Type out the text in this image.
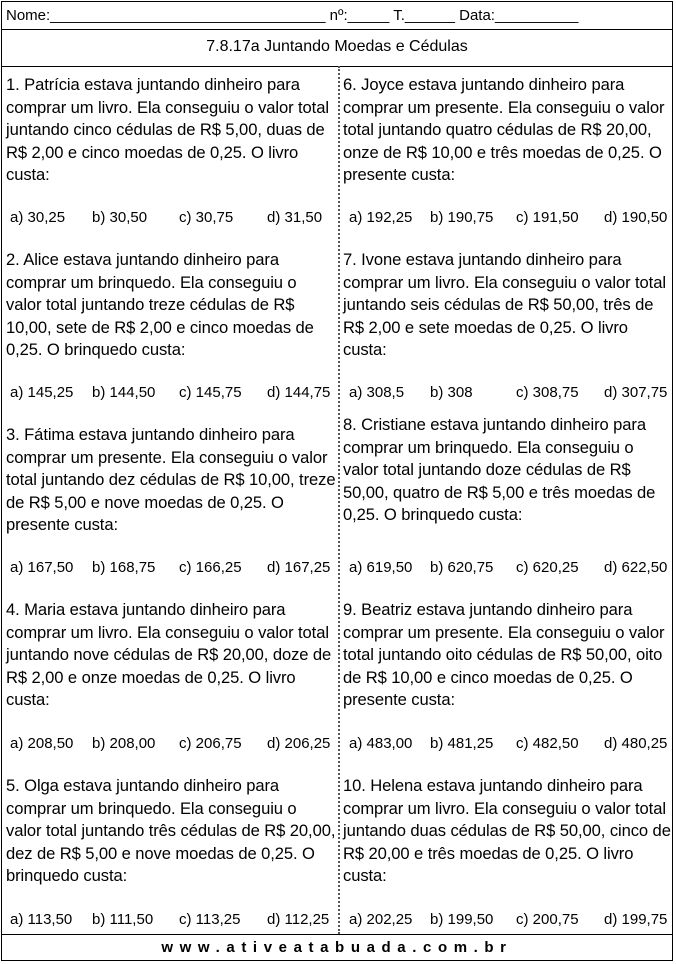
Nome:_________________________________ nº:_____ T.______ Data:__________
7.8.17a Juntando Moedas e Cédulas
1. Patrícia estava juntando dinheiro para comprar um livro. Ela conseguiu o valor total juntando cinco cédulas de R$ 5,00, duas de R$ 2,00 e cinco moedas de 0,25. O livro custa:
a) 30,25 b) 30,50 c) 30,75 d) 31,50
2. Alice estava juntando dinheiro para comprar um brinquedo. Ela conseguiu o valor total juntando treze cédulas de R$ 10,00, sete de R$ 2,00 e cinco moedas de 0,25. O brinquedo custa:
a) 145,25 b) 144,50 c) 145,75 d) 144,75
3. Fátima estava juntando dinheiro para comprar um presente. Ela conseguiu o valor total juntando dez cédulas de R$ 10,00, treze de R$ 5,00 e nove moedas de 0,25. O presente custa:
a) 167,50 b) 168,75 c) 166,25 d) 167,25
4. Maria estava juntando dinheiro para comprar um livro. Ela conseguiu o valor total juntando nove cédulas de R$ 20,00, doze de R$ 2,00 e onze moedas de 0,25. O livro custa:
a) 208,50 b) 208,00 c) 206,75 d) 206,25
5. Olga estava juntando dinheiro para comprar um brinquedo. Ela conseguiu o valor total juntando três cédulas de R$ 20,00, dez de R$ 5,00 e nove moedas de 0,25. O brinquedo custa:
a) 113,50 b) 111,50 c) 113,25 d) 112,25
6. Joyce estava juntando dinheiro para comprar um presente. Ela conseguiu o valor total juntando quatro cédulas de R$ 20,00, onze de R$ 10,00 e três moedas de 0,25. O presente custa:
a) 192,25 b) 190,75 c) 191,50 d) 190,50
7. Ivone estava juntando dinheiro para comprar um livro. Ela conseguiu o valor total juntando seis cédulas de R$ 50,00, três de R$ 2,00 e sete moedas de 0,25. O livro custa:
a) 308,5 b) 308	c) 308,75 d) 307,75
8. Cristiane estava juntando dinheiro para comprar um brinquedo. Ela conseguiu o valor total juntando doze cédulas de R$ 50,00, quatro de R$ 5,00 e três moedas de 0,25. O brinquedo custa:
a) 619,50 b) 620,75 c) 620,25 d) 622,50
9. Beatriz estava juntando dinheiro para comprar um presente. Ela conseguiu o valor total juntando oito cédulas de R$ 50,00, oito de R$ 10,00 e cinco moedas de 0,25. O presente custa:
a) 483,00 b) 481,25 c) 482,50 d) 480,25
10. Helena estava juntando dinheiro para comprar um livro. Ela conseguiu o valor total juntando duas cédulas de R$ 50,00, cinco de R$ 20,00 e três moedas de 0,25. O livro custa:
a) 202,25 b) 199,50 c) 200,75 d) 199,75
www.ativeatabuada.com.br
